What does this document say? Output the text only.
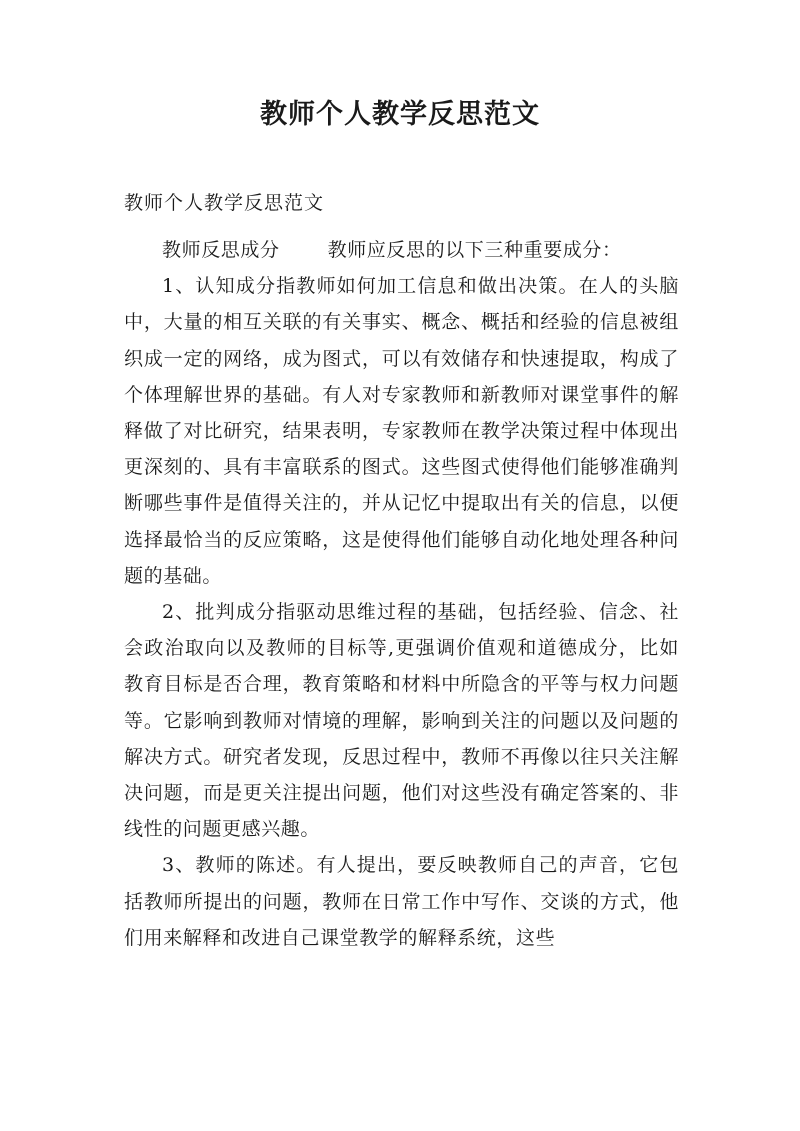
教师个人教学反思范文
教师个人教学反思范文

教师反思成分	教师应反思的以下三种重要成分：

1、认知成分指教师如何加工信息和做出决策。在人的头脑中，大量的相互关联的有关事实、概念、概括和经验的信息被组织成一定的网络，成为图式，可以有效储存和快速提取，构成了个体理解世界的基础。有人对专家教师和新教师对课堂事件的解释做了对比研究，结果表明，专家教师在教学决策过程中体现出更深刻的、具有丰富联系的图式。这些图式使得他们能够准确判断哪些事件是值得关注的，并从记忆中提取出有关的信息，以便选择最恰当的反应策略，这是使得他们能够自动化地处理各种问题的基础。

2、批判成分指驱动思维过程的基础，包括经验、信念、社会政治取向以及教师的目标等,更强调价值观和道德成分，比如教育目标是否合理，教育策略和材料中所隐含的平等与权力问题等。它影响到教师对情境的理解，影响到关注的问题以及问题的解决方式。研究者发现，反思过程中，教师不再像以往只关注解决问题，而是更关注提出问题，他们对这些没有确定答案的、非线性的问题更感兴趣。

3、教师的陈述。有人提出，要反映教师自己的声音，它包括教师所提出的问题，教师在日常工作中写作、交谈的方式，他们用来解释和改进自己课堂教学的解释系统，这些
